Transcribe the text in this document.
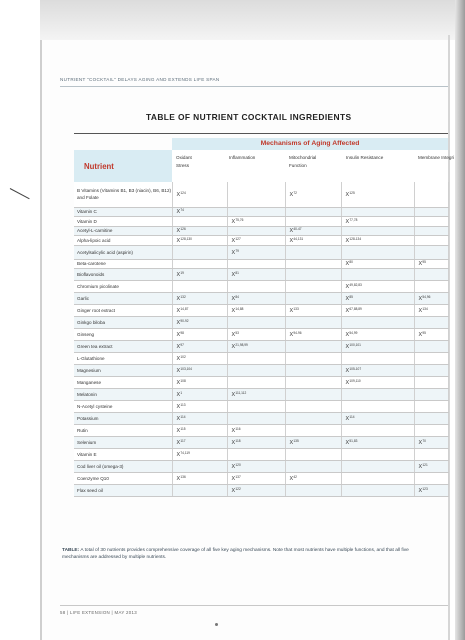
NUTRIENT "COCKTAIL" DELAYS AGING AND EXTENDS LIFE SPAN
TABLE OF NUTRIENT COCKTAIL INGREDIENTS
Mechanisms of Aging Affected
Nutrient
Oxidant
Stress
Inflammation	Mitochondrial
Function
Insulin Resistance	Membrane Integri
B Vitamins (Vitamins B1, B3 (niacin), B6, B12) and Folate	$X^{124}$		$X^{72}$	$X^{125}$	
Vitamin C	$X^{74}$				
Vitamin D		X$^{75,76}$		X$^{77,78}$	
Acetyl-L-carnitine	$X^{126}$		$X^{40-47}$		
Alpha-lipoic acid	X$^{128,130}$	$X^{127}$	X$^{44,131}$	$X^{128-134}$	
Acetylsalicylic acid (aspirin)		$X^{79}$			
Beta-carotene				$X^{80}$	$X^{95}$
Bioflavonoids	$X^{19}$	$X^{81}$			
Chromium picolinate				X$^{49,82,83}$	
Garlic	$X^{132}$	$X^{84}$		$X^{85}$	X$^{54,96}$
Ginger root extract	X$^{14,87}$	X$^{14,88}$	$X^{133}$	X$^{67,88,89}$	$X^{134}$
Ginkgo biloba	$X^{90-92}$				
Ginseng	$X^{98}$	$X^{53}$	$X^{94-96}$	X$^{54,99}$	$X^{95}$
Green tea extract	$X^{97}$	X$^{21,98,99}$		X$^{100,101}$	
L-Glutathione	$X^{102}$				
Magnesium	X$^{103,104}$			$X^{105-107}$	
Manganese	$X^{108}$			X$^{109,110}$	
Melatonin	$X^1$	X$^{111,112}$			
N-Acetyl cysteine	$X^{113}$				
Potassium	$X^{114}$			$X^{114}$	
Rutin	$X^{115}$	$X^{116}$			
Selenium	$X^{117}$	$X^{118}$	$X^{135}$	X$^{51,83}$	$X^{70}$
Vitamin E	X$^{74,119}$				
Cod liver oil (omega-3)		$X^{120}$			$X^{121}$
Coenzyme Q10	$X^{136}$	$X^{137}$	$X^{42}$		
Flax seed oil		$X^{122}$			$X^{123}$
TABLE: A total of 30 nutrients provides comprehensive coverage of all five key aging mechanisms. Note that most nutrients have multiple functions, and that all five mechanisms are addressed by multiple nutrients.
58 | LIFE EXTENSION | MAY 2013
